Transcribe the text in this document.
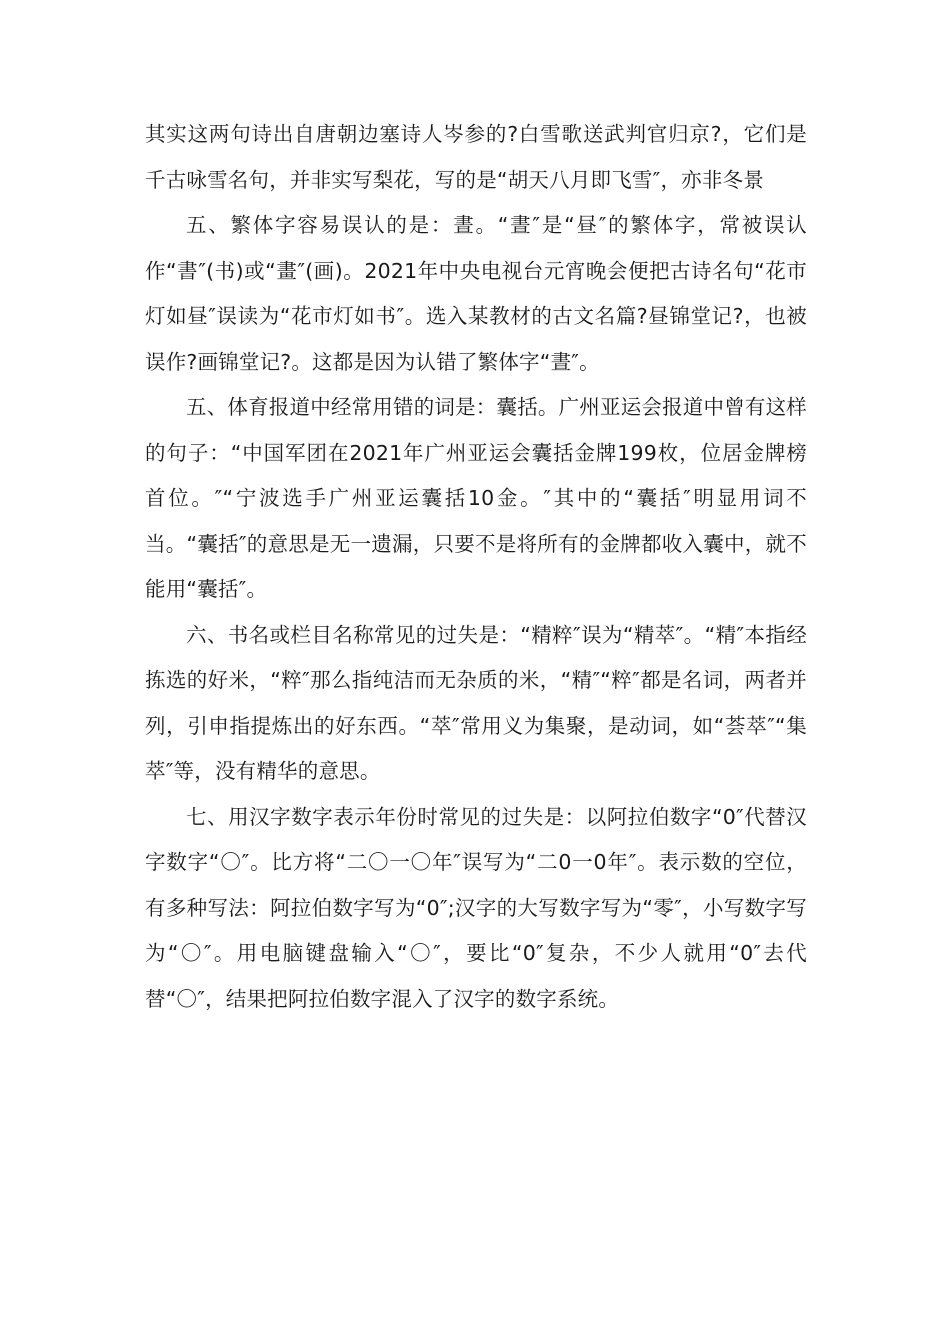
其实这两句诗出自唐朝边塞诗人岑参的?白雪歌送武判官归京?，它们是千古咏雪名句，并非实写梨花，写的是“胡天八月即飞雪″，亦非冬景

五、繁体字容易误认的是：晝。“晝″是“昼″的繁体字，常被误认作“書″(书)或“畫″(画)。2021年中央电视台元宵晚会便把古诗名句“花市灯如昼″误读为“花市灯如书″。选入某教材的古文名篇?昼锦堂记?，也被误作?画锦堂记?。这都是因为认错了繁体字“晝″。

五、体育报道中经常用错的词是：囊括。广州亚运会报道中曾有这样的句子：“中国军团在2021年广州亚运会囊括金牌199枚，位居金牌榜首位。″“宁波选手广州亚运囊括10金。″其中的“囊括″明显用词不当。“囊括″的意思是无一遗漏，只要不是将所有的金牌都收入囊中，就不能用“囊括″。

六、书名或栏目名称常见的过失是：“精粹″误为“精萃″。“精″本指经拣选的好米，“粹″那么指纯洁而无杂质的米，“精″“粹″都是名词，两者并列，引申指提炼出的好东西。“萃″常用义为集聚，是动词，如“荟萃″“集萃″等，没有精华的意思。

七、用汉字数字表示年份时常见的过失是：以阿拉伯数字“0″代替汉字数字“〇″。比方将“二〇一〇年″误写为“二0一0年″。表示数的空位，有多种写法：阿拉伯数字写为“0″;汉字的大写数字写为“零″，小写数字写为“〇″。用电脑键盘输入“〇″，要比“0″复杂，不少人就用“0″去代替“〇″，结果把阿拉伯数字混入了汉字的数字系统。
